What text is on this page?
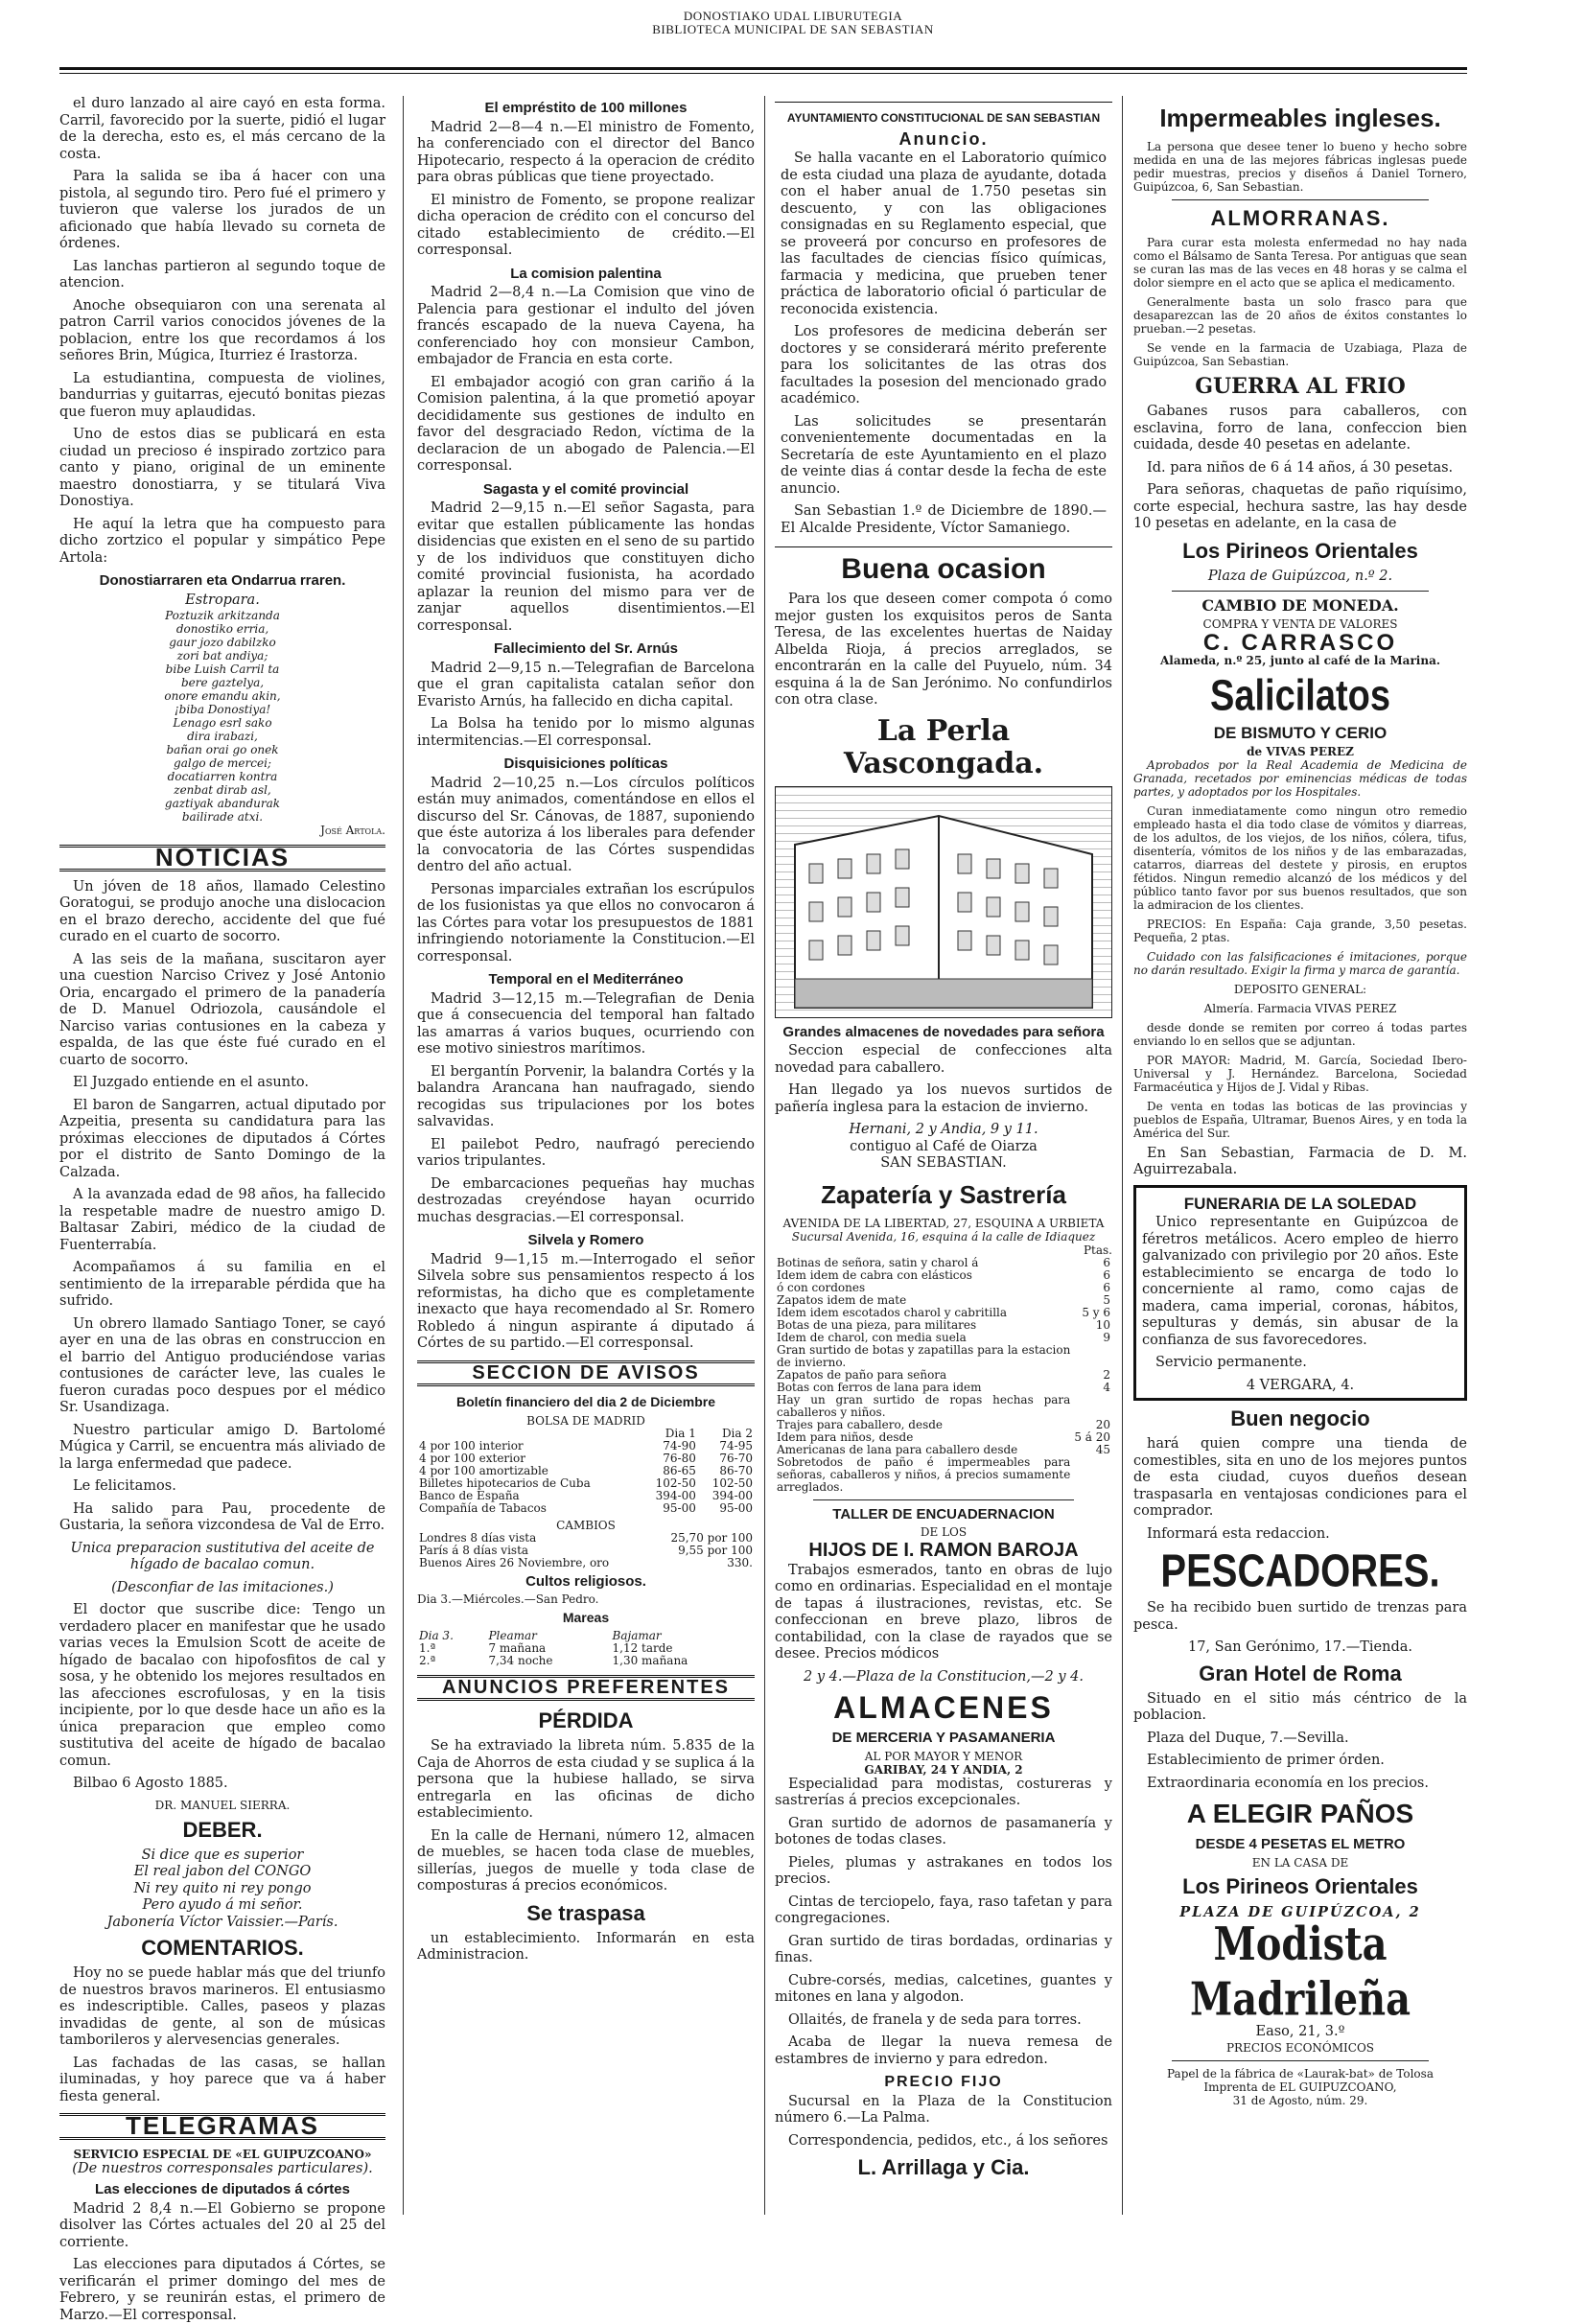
DONOSTIAKO UDAL LIBURUTEGIA
BIBLIOTECA MUNICIPAL DE SAN SEBASTIAN

el duro lanzado al aire cayó en esta forma. Carril, favorecido por la suerte, pidió el lugar de la derecha, esto es, el más cercano de la costa.

Para la salida se iba á hacer con una pistola, al segundo tiro. Pero fué el primero y tuvieron que valerse los jurados de un aficionado que había llevado su corneta de órdenes.

Las lanchas partieron al segundo toque de atencion.

Anoche obsequiaron con una serenata al patron Carril varios conocidos jóvenes de la poblacion, entre los que recordamos á los señores Brin, Múgica, Iturriez é Irastorza.

La estudiantina, compuesta de violines, bandurrias y guitarras, ejecutó bonitas piezas que fueron muy aplaudidas.

Uno de estos dias se publicará en esta ciudad un precioso é inspirado zortzico para canto y piano, original de un eminente maestro donostiarra, y se titulará Viva Donostiya.

He aquí la letra que ha compuesto para dicho zortzico el popular y simpático Pepe Artola:

Donostiarraren eta Ondarrua rraren.
Estropara.
Poztuzik arkitzanda
donostiko erria,
gaur jozo dabilzko
zori bat andiya;
bibe Luish Carril ta
bere gaztelya,
onore emandu akin,
¡biba Donostiya!
Lenago esrl sako
dira irabazi,
bañan orai go onek
galgo de mercei;
docatiarren kontra
zenbat dirab asl,
gaztiyak abandurak
bailirade atxi.
José Artola.
NOTICIAS

Un jóven de 18 años, llamado Celestino Goratogui, se produjo anoche una dislocacion en el brazo derecho, accidente del que fué curado en el cuarto de socorro.

A las seis de la mañana, suscitaron ayer una cuestion Narciso Crivez y José Antonio Oria, encargado el primero de la panadería de D. Manuel Odriozola, causándole el Narciso varias contusiones en la cabeza y espalda, de las que éste fué curado en el cuarto de socorro.

El Juzgado entiende en el asunto.

El baron de Sangarren, actual diputado por Azpeitia, presenta su candidatura para las próximas elecciones de diputados á Córtes por el distrito de Santo Domingo de la Calzada.

A la avanzada edad de 98 años, ha fallecido la respetable madre de nuestro amigo D. Baltasar Zabiri, médico de la ciudad de Fuenterrabía.

Acompañamos á su familia en el sentimiento de la irreparable pérdida que ha sufrido.

Un obrero llamado Santiago Toner, se cayó ayer en una de las obras en construccion en el barrio del Antiguo produciéndose varias contusiones de carácter leve, las cuales le fueron curadas poco despues por el médico Sr. Usandizaga.

Nuestro particular amigo D. Bartolomé Múgica y Carril, se encuentra más aliviado de la larga enfermedad que padece.

Le felicitamos.

Ha salido para Pau, procedente de Gustaria, la señora vizcondesa de Val de Erro.

Unica preparacion sustitutiva del aceite de hígado de bacalao comun.

(Desconfiar de las imitaciones.)

El doctor que suscribe dice: Tengo un verdadero placer en manifestar que he usado varias veces la Emulsion Scott de aceite de hígado de bacalao con hipofosfitos de cal y sosa, y he obtenido los mejores resultados en las afecciones escrofulosas, y en la tisis incipiente, por lo que desde hace un año es la única preparacion que empleo como sustitutiva del aceite de hígado de bacalao comun.

Bilbao 6 Agosto 1885.

DR. MANUEL SIERRA.

DEBER.
Si dice que es superior
El real jabon del CONGO
Ni rey quito ni rey pongo
Pero ayudo á mi señor.
Jabonería Víctor Vaissier.—París.
COMENTARIOS.

Hoy no se puede hablar más que del triunfo de nuestros bravos marineros. El entusiasmo es indescriptible. Calles, paseos y plazas invadidas de gente, al son de músicas tamborileros y alervesencias generales.

Las fachadas de las casas, se hallan iluminadas, y hoy parece que va á haber fiesta general.

TELEGRAMAS
SERVICIO ESPECIAL DE «EL GUIPUZCOANO»
(De nuestros corresponsales particulares).
Las elecciones de diputados á córtes

Madrid 2 8,4 n.—El Gobierno se propone disolver las Córtes actuales del 20 al 25 del corriente.

Las elecciones para diputados á Córtes, se verificarán el primer domingo del mes de Febrero, y se reunirán estas, el primero de Marzo.—El corresponsal.

El empréstito de 100 millones

Madrid 2—8—4 n.—El ministro de Fomento, ha conferenciado con el director del Banco Hipotecario, respecto á la operacion de crédito para obras públicas que tiene proyectado.

El ministro de Fomento, se propone realizar dicha operacion de crédito con el concurso del citado establecimiento de crédito.—El corresponsal.

La comision palentina

Madrid 2—8,4 n.—La Comision que vino de Palencia para gestionar el indulto del jóven francés escapado de la nueva Cayena, ha conferenciado hoy con monsieur Cambon, embajador de Francia en esta corte.

El embajador acogió con gran cariño á la Comision palentina, á la que prometió apoyar decididamente sus gestiones de indulto en favor del desgraciado Redon, víctima de la declaracion de un abogado de Palencia.—El corresponsal.

Sagasta y el comité provincial

Madrid 2—9,15 n.—El señor Sagasta, para evitar que estallen públicamente las hondas disidencias que existen en el seno de su partido y de los individuos que constituyen dicho comité provincial fusionista, ha acordado aplazar la reunion del mismo para ver de zanjar aquellos disentimientos.—El corresponsal.

Fallecimiento del Sr. Arnús

Madrid 2—9,15 n.—Telegrafian de Barcelona que el gran capitalista catalan señor don Evaristo Arnús, ha fallecido en dicha capital.

La Bolsa ha tenido por lo mismo algunas intermitencias.—El corresponsal.

Disquisiciones políticas

Madrid 2—10,25 n.—Los círculos políticos están muy animados, comentándose en ellos el discurso del Sr. Cánovas, de 1887, suponiendo que éste autoriza á los liberales para defender la convocatoria de las Córtes suspendidas dentro del año actual.

Personas imparciales extrañan los escrúpulos de los fusionistas ya que ellos no convocaron á las Córtes para votar los presupuestos de 1881 infringiendo notoriamente la Constitucion.—El corresponsal.

Temporal en el Mediterráneo

Madrid 3—12,15 m.—Telegrafian de Denia que á consecuencia del temporal han faltado las amarras á varios buques, ocurriendo con ese motivo siniestros marítimos.

El bergantín Porvenir, la balandra Cortés y la balandra Arancana han naufragado, siendo recogidas sus tripulaciones por los botes salvavidas.

El pailebot Pedro, naufragó pereciendo varios tripulantes.

De embarcaciones pequeñas hay muchas destrozadas creyéndose hayan ocurrido muchas desgracias.—El corresponsal.

Silvela y Romero

Madrid 9—1,15 m.—Interrogado el señor Silvela sobre sus pensamientos respecto á los reformistas, ha dicho que es completamente inexacto que haya recomendado al Sr. Romero Robledo á ningun aspirante á diputado á Córtes de su partido.—El corresponsal.

SECCION DE AVISOS
Boletín financiero del dia 2 de Diciembre
BOLSA DE MADRID
	Dia 1	Dia 2
4 por 100 interior	74-90	74-95
4 por 100 exterior	76-80	76-70
4 por 100 amortizable	86-65	86-70
Billetes hipotecarios de Cuba	102-50	102-50
Banco de España	394-00	394-00
Compañía de Tabacos	95-00	95-00
CAMBIOS
Londres 8 días vista	25,70 por 100
París á 8 días vista	9,55 por 100
Buenos Aires 26 Noviembre, oro	330.
Cultos religiosos.
Dia 3.—Miércoles.—San Pedro.
Mareas
Dia 3.	Pleamar	Bajamar
1.ª	7 mañana	1,12 tarde
2.ª	7,34 noche	1,30 mañana
ANUNCIOS PREFERENTES
PÉRDIDA

Se ha extraviado la libreta núm. 5.835 de la Caja de Ahorros de esta ciudad y se suplica á la persona que la hubiese hallado, se sirva entregarla en las oficinas de dicho establecimiento.

En la calle de Hernani, número 12, almacen de muebles, se hacen toda clase de muebles, sillerías, juegos de muelle y toda clase de composturas á precios económicos.

Se traspasa

un establecimiento. Informarán en esta Administracion.

AYUNTAMIENTO CONSTITUCIONAL DE SAN SEBASTIAN
Anuncio.

Se halla vacante en el Laboratorio químico de esta ciudad una plaza de ayudante, dotada con el haber anual de 1.750 pesetas sin descuento, y con las obligaciones consignadas en su Reglamento especial, que se proveerá por concurso en profesores de las facultades de ciencias físico químicas, farmacia y medicina, que prueben tener práctica de laboratorio oficial ó particular de reconocida existencia.

Los profesores de medicina deberán ser doctores y se considerará mérito preferente para los solicitantes de las otras dos facultades la posesion del mencionado grado académico.

Las solicitudes se presentarán convenientemente documentadas en la Secretaría de este Ayuntamiento en el plazo de veinte dias á contar desde la fecha de este anuncio.

San Sebastian 1.º de Diciembre de 1890.—El Alcalde Presidente, Víctor Samaniego.

Buena ocasion

Para los que deseen comer compota ó como mejor gusten los exquisitos peros de Santa Teresa, de las excelentes huertas de Naiday Albelda Rioja, á precios arreglados, se encontrarán en la calle del Puyuelo, núm. 34 esquina á la de San Jerónimo. No confundirlos con otra clase.

La Perla Vascongada.
Grandes almacenes de novedades para señora

Seccion especial de confecciones alta novedad para caballero.

Han llegado ya los nuevos surtidos de pañería inglesa para la estacion de invierno.

Hernani, 2 y Andia, 9 y 11.
contiguo al Café de Oiarza
SAN SEBASTIAN.
Zapatería y Sastrería
AVENIDA DE LA LIBERTAD, 27, ESQUINA A URBIETA
Sucursal Avenida, 16, esquina á la calle de Idiaquez
Ptas.
Botinas de señora, satin y charol á	6
Idem idem de cabra con elásticos	6
ó con cordones	6
Zapatos idem de mate	5
Idem idem escotados charol y cabritilla	5 y 6
Botas de una pieza, para militares	10
Idem de charol, con media suela	9
Gran surtido de botas y zapatillas para la estacion de invierno.	
Zapatos de paño para señora	2
Botas con ferros de lana para idem	4
Hay un gran surtido de ropas hechas para caballeros y niños.	
Trajes para caballero, desde	20
Idem para niños, desde	5 á 20
Americanas de lana para caballero desde	45
Sobretodos de paño é impermeables para señoras, caballeros y niños, á precios sumamente arreglados.	
TALLER DE ENCUADERNACION
DE LOS
HIJOS DE I. RAMON BAROJA

Trabajos esmerados, tanto en obras de lujo como en ordinarias. Especialidad en el montaje de tapas á ilustraciones, revistas, etc. Se confeccionan en breve plazo, libros de contabilidad, con la clase de rayados que se desee. Precios módicos

2 y 4.—Plaza de la Constitucion,—2 y 4.
ALMACENES
DE MERCERIA Y PASAMANERIA
AL POR MAYOR Y MENOR
GARIBAY, 24 Y ANDIA, 2

Especialidad para modistas, costureras y sastrerías á precios excepcionales.

Gran surtido de adornos de pasamanería y botones de todas clases.

Pieles, plumas y astrakanes en todos los precios.

Cintas de terciopelo, faya, raso tafetan y para congregaciones.

Gran surtido de tiras bordadas, ordinarias y finas.

Cubre-corsés, medias, calcetines, guantes y mitones en lana y algodon.

Ollaités, de franela y de seda para torres.

Acaba de llegar la nueva remesa de estambres de invierno y para edredon.

PRECIO FIJO

Sucursal en la Plaza de la Constitucion número 6.—La Palma.

Correspondencia, pedidos, etc., á los señores

L. Arrillaga y Cia.
Impermeables ingleses.

La persona que desee tener lo bueno y hecho sobre medida en una de las mejores fábricas inglesas puede pedir muestras, precios y diseños á Daniel Tornero, Guipúzcoa, 6, San Sebastian.

ALMORRANAS.

Para curar esta molesta enfermedad no hay nada como el Bálsamo de Santa Teresa. Por antiguas que sean se curan las mas de las veces en 48 horas y se calma el dolor siempre en el acto que se aplica el medicamento.

Generalmente basta un solo frasco para que desaparezcan las de 20 años de éxitos constantes lo prueban.—2 pesetas.

Se vende en la farmacia de Uzabiaga, Plaza de Guipúzcoa, San Sebastian.

GUERRA AL FRIO

Gabanes rusos para caballeros, con esclavina, forro de lana, confeccion bien cuidada, desde 40 pesetas en adelante.

Id. para niños de 6 á 14 años, á 30 pesetas.

Para señoras, chaquetas de paño riquísimo, corte especial, hechura sastre, las hay desde 10 pesetas en adelante, en la casa de

Los Pirineos Orientales
Plaza de Guipúzcoa, n.º 2.
CAMBIO DE MONEDA.
COMPRA Y VENTA DE VALORES
C. CARRASCO
Alameda, n.º 25, junto al café de la Marina.
Salicilatos
DE BISMUTO Y CERIO
de VIVAS PEREZ

Aprobados por la Real Academia de Medicina de Granada, recetados por eminencias médicas de todas partes, y adoptados por los Hospitales.

Curan inmediatamente como ningun otro remedio empleado hasta el dia todo clase de vómitos y diarreas, de los adultos, de los viejos, de los niños, cólera, tifus, disentería, vómitos de los niños y de las embarazadas, catarros, diarreas del destete y pirosis, en eruptos fétidos. Ningun remedio alcanzó de los médicos y del público tanto favor por sus buenos resultados, que son la admiracion de los clientes.

PRECIOS: En España: Caja grande, 3,50 pesetas. Pequeña, 2 ptas.

Cuidado con las falsificaciones é imitaciones, porque no darán resultado. Exigir la firma y marca de garantía.

DEPOSITO GENERAL:

Almería. Farmacia VIVAS PEREZ

desde donde se remiten por correo á todas partes enviando lo en sellos que se adjuntan.

POR MAYOR: Madrid, M. García, Sociedad Ibero-Universal y J. Hernández. Barcelona, Sociedad Farmacéutica y Hijos de J. Vidal y Ribas.

De venta en todas las boticas de las provincias y pueblos de España, Ultramar, Buenos Aires, y en toda la América del Sur.

En San Sebastian, Farmacia de D. M. Aguirrezabala.

FUNERARIA DE LA SOLEDAD

Unico representante en Guipúzcoa de féretros metálicos. Acero empleo de hierro galvanizado con privilegio por 20 años. Este establecimiento se encarga de todo lo concerniente al ramo, como cajas de madera, cama imperial, coronas, hábitos, sepulturas y demás, sin abusar de la confianza de sus favorecedores.

Servicio permanente.

4 VERGARA, 4.
Buen negocio

hará quien compre una tienda de comestibles, sita en uno de los mejores puntos de esta ciudad, cuyos dueños desean traspasarla en ventajosas condiciones para el comprador.

Informará esta redaccion.

PESCADORES.

Se ha recibido buen surtido de trenzas para pesca.

17, San Gerónimo, 17.—Tienda.
Gran Hotel de Roma

Situado en el sitio más céntrico de la poblacion.

Plaza del Duque, 7.—Sevilla.

Establecimiento de primer órden.

Extraordinaria economía en los precios.

A ELEGIR PAÑOS
DESDE 4 PESETAS EL METRO
EN LA CASA DE
Los Pirineos Orientales
PLAZA DE GUIPÚZCOA, 2
Modista Madrileña
Easo, 21, 3.º
PRECIOS ECONÓMICOS
Papel de la fábrica de «Laurak-bat» de Tolosa
Imprenta de EL GUIPUZCOANO,
31 de Agosto, núm. 29.
